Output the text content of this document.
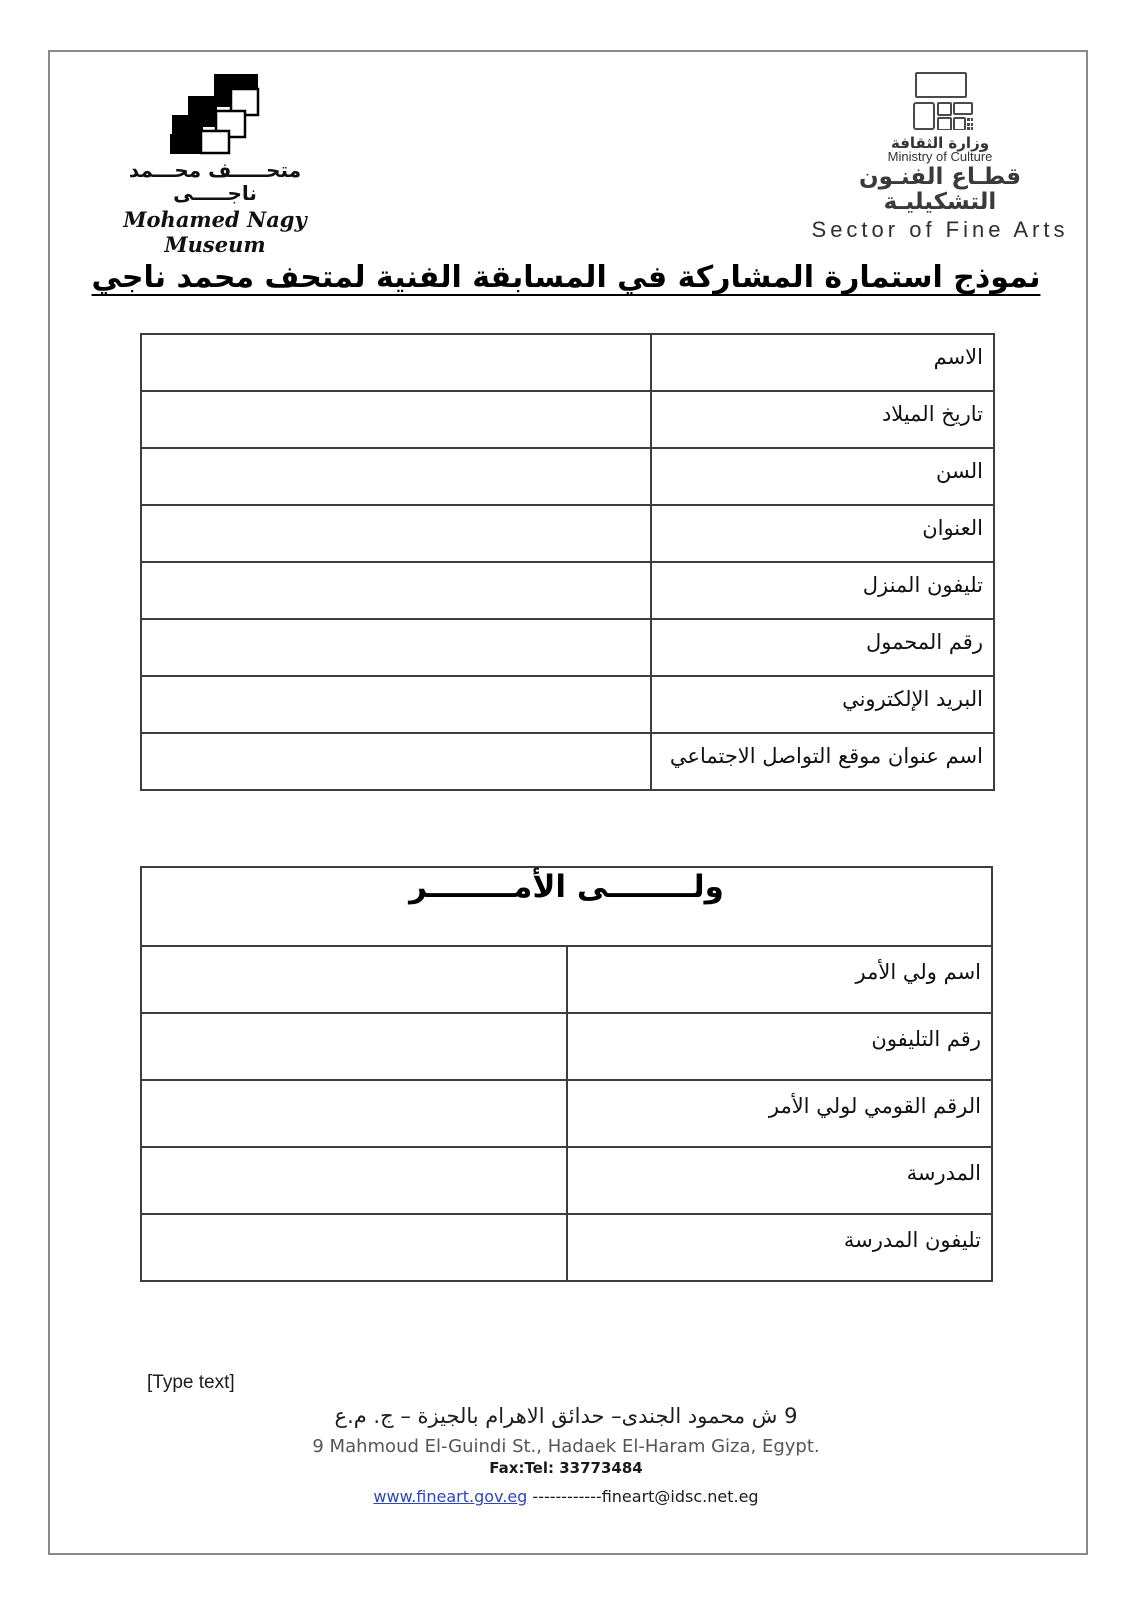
متحـــــف محـــمد ناجـــــى
Mohamed Nagy Museum
وزارة الثقافة
Ministry of Culture
قطـاع الفنـون التشكيليـة
Sector of Fine Arts
نموذج استمارة المشاركة في المسابقة الفنية لمتحف محمد ناجي
	الاسم
	تاريخ الميلاد
	السن
	العنوان
	تليفون المنزل
	رقم المحمول
	البريد الإلكتروني
	اسم عنوان موقع التواصل الاجتماعي
ولــــــــى الأمــــــــر	
	اسم ولي الأمر
	رقم التليفون
	الرقم القومي لولي الأمر
	المدرسة
	تليفون المدرسة
[Type text]
9 ش محمود الجندى– حدائق الاهرام بالجيزة – ج. م.ع
9 Mahmoud El-Guindi St., Hadaek El-Haram Giza, Egypt.
Fax:Tel: 33773484
www.fineart.gov.eg ------------fineart@idsc.net.eg
